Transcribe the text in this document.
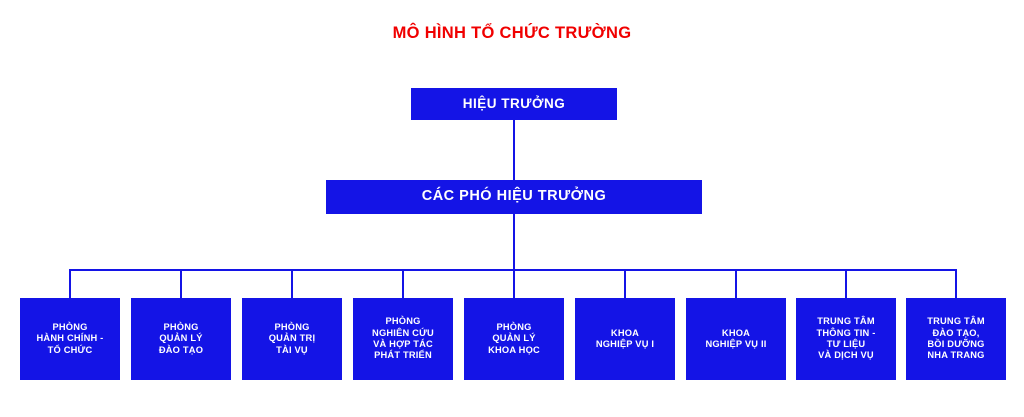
MÔ HÌNH TỔ CHỨC TRƯỜNG
HIỆU TRƯỞNG
CÁC PHÓ HIỆU TRƯỞNG
PHÒNG
HÀNH CHÍNH -
TỔ CHỨC
PHÒNG
QUẢN LÝ
ĐÀO TẠO
PHÒNG
QUẢN TRỊ
TÀI VỤ
PHÒNG
NGHIÊN CỨU
VÀ HỢP TÁC
PHÁT TRIỂN
PHÒNG
QUẢN LÝ
KHOA HỌC
KHOA
NGHIỆP VỤ I
KHOA
NGHIỆP VỤ II
TRUNG TÂM
THÔNG TIN -
TƯ LIỆU
VÀ DỊCH VỤ
TRUNG TÂM
ĐÀO TẠO,
BỒI DƯỠNG
NHA TRANG
